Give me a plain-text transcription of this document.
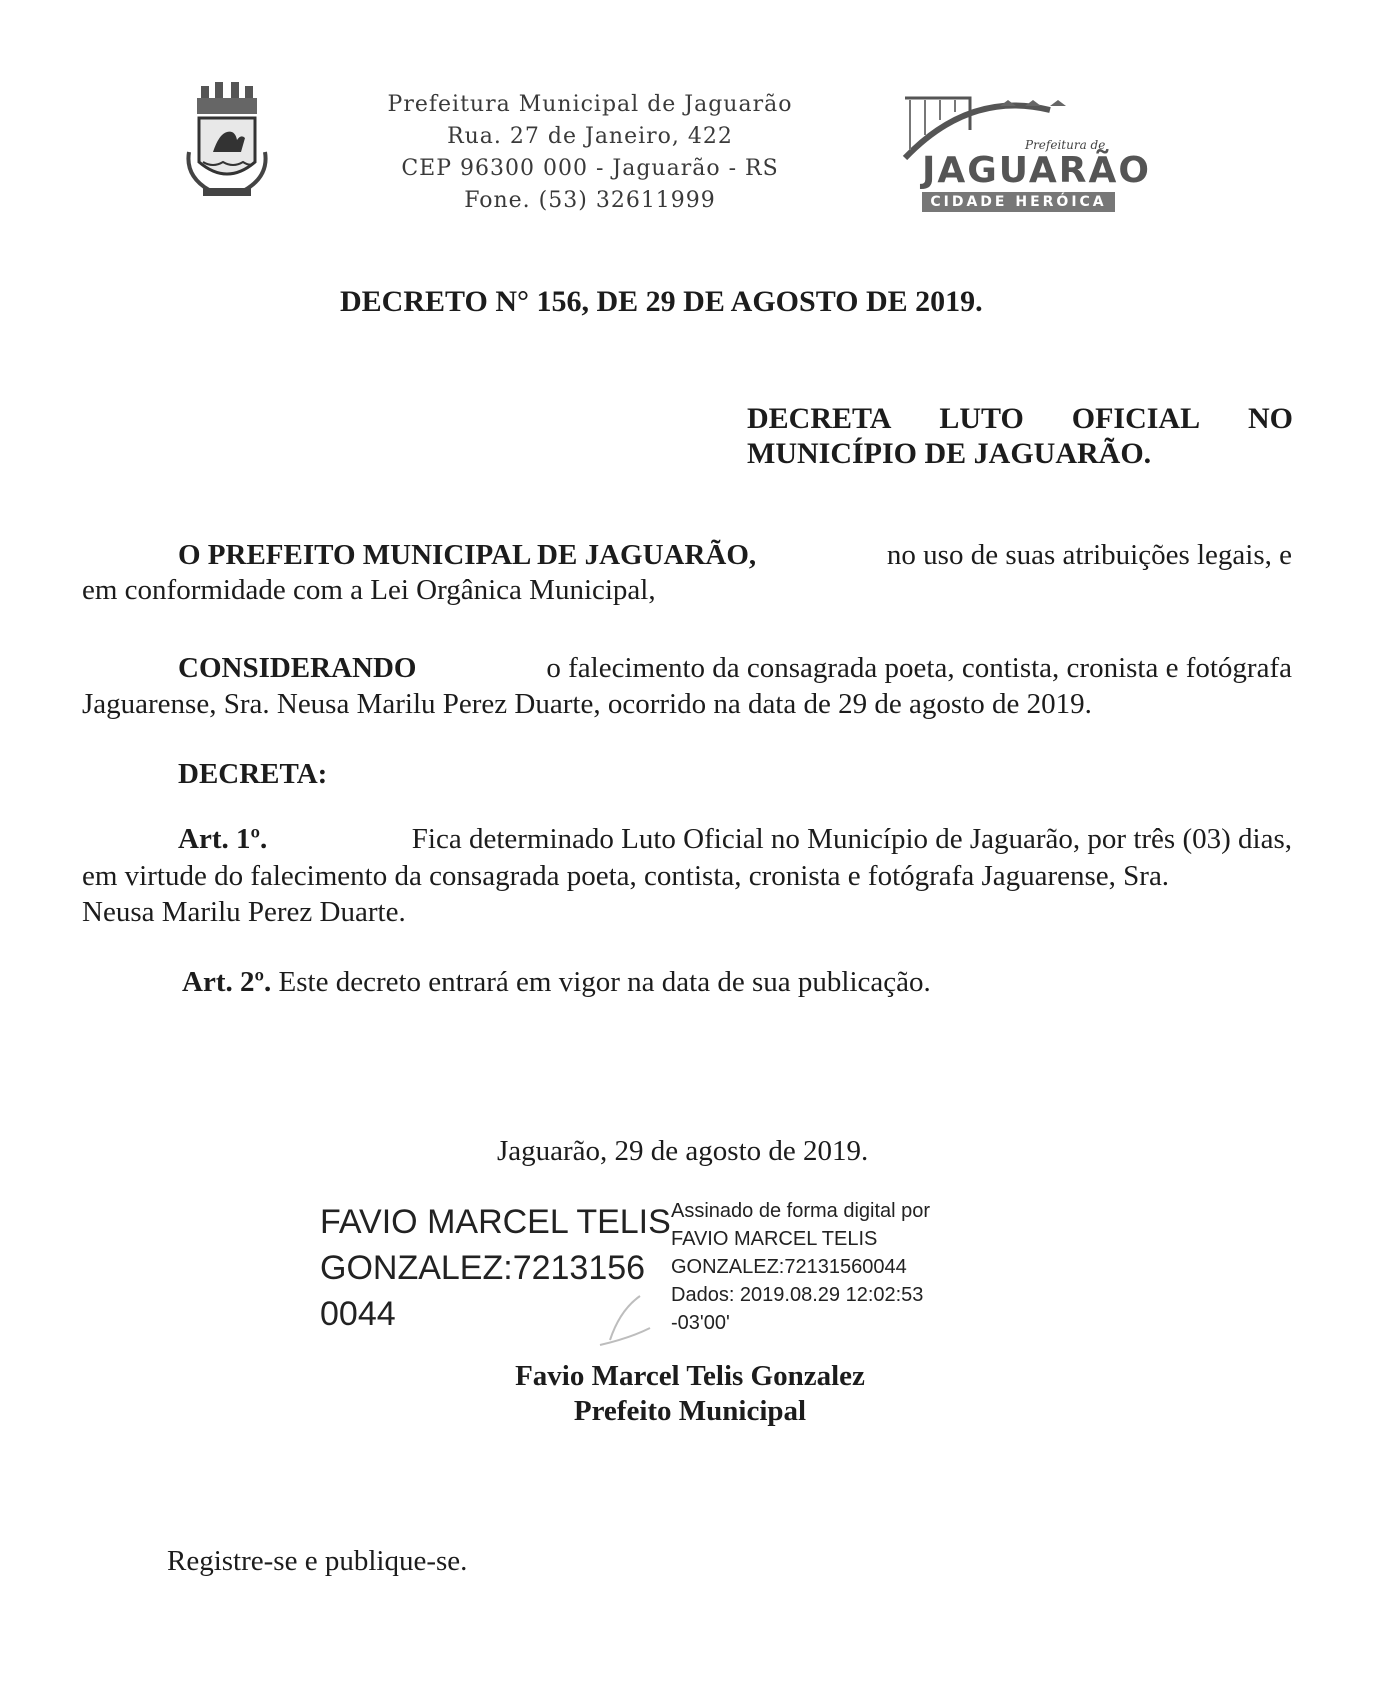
Prefeitura Municipal de Jaguarão
Rua. 27 de Janeiro, 422
CEP 96300 000 - Jaguarão - RS
Fone. (53) 32611999
Prefeitura de
JAGUARÃO
CIDADE HERÓICA
DECRETO N° 156, DE 29 DE AGOSTO DE 2019.
DECRETA LUTO OFICIAL NO
MUNICÍPIO DE JAGUARÃO.
O PREFEITO MUNICIPAL DE JAGUARÃO,	no uso de suas atribuições legais, e
em conformidade com a Lei Orgânica Municipal,
CONSIDERANDO	o falecimento da consagrada poeta, contista, cronista e fotógrafa
Jaguarense, Sra. Neusa Marilu Perez Duarte, ocorrido na data de 29 de agosto de 2019.
DECRETA:
Art. 1º.	Fica determinado Luto Oficial no Município de Jaguarão, por três (03) dias,
em virtude do falecimento da consagrada poeta, contista, cronista e fotógrafa Jaguarense, Sra.
Neusa Marilu Perez Duarte.
Art. 2º. Este decreto entrará em vigor na data de sua publicação.
Jaguarão, 29 de agosto de 2019.
FAVIO MARCEL TELIS
GONZALEZ:7213156
0044
Assinado de forma digital por
FAVIO MARCEL TELIS
GONZALEZ:72131560044
Dados: 2019.08.29 12:02:53
-03'00'
Favio Marcel Telis Gonzalez
Prefeito Municipal
Registre-se e publique-se.
